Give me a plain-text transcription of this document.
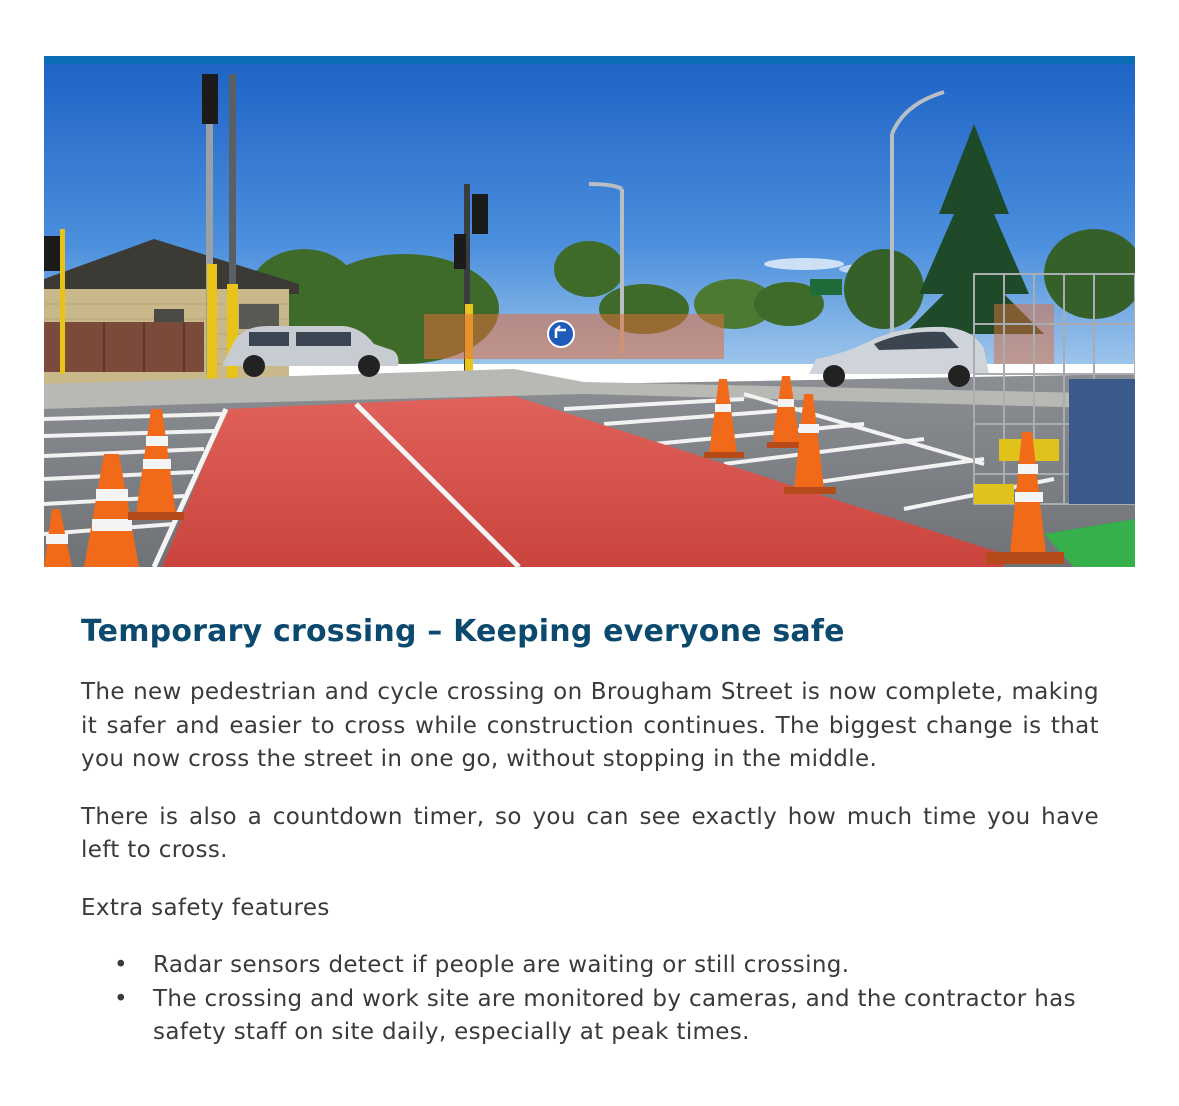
Temporary crossing – Keeping everyone safe

The new pedestrian and cycle crossing on Brougham Street is now complete, making it safer and easier to cross while construction continues. The biggest change is that you now cross the street in one go, without stopping in the middle.

There is also a countdown timer, so you can see exactly how much time you have left to cross.

Extra safety features

• Radar sensors detect if people are waiting or still crossing.
• The crossing and work site are monitored by cameras, and the contractor has safety staff on site daily, especially at peak times.
